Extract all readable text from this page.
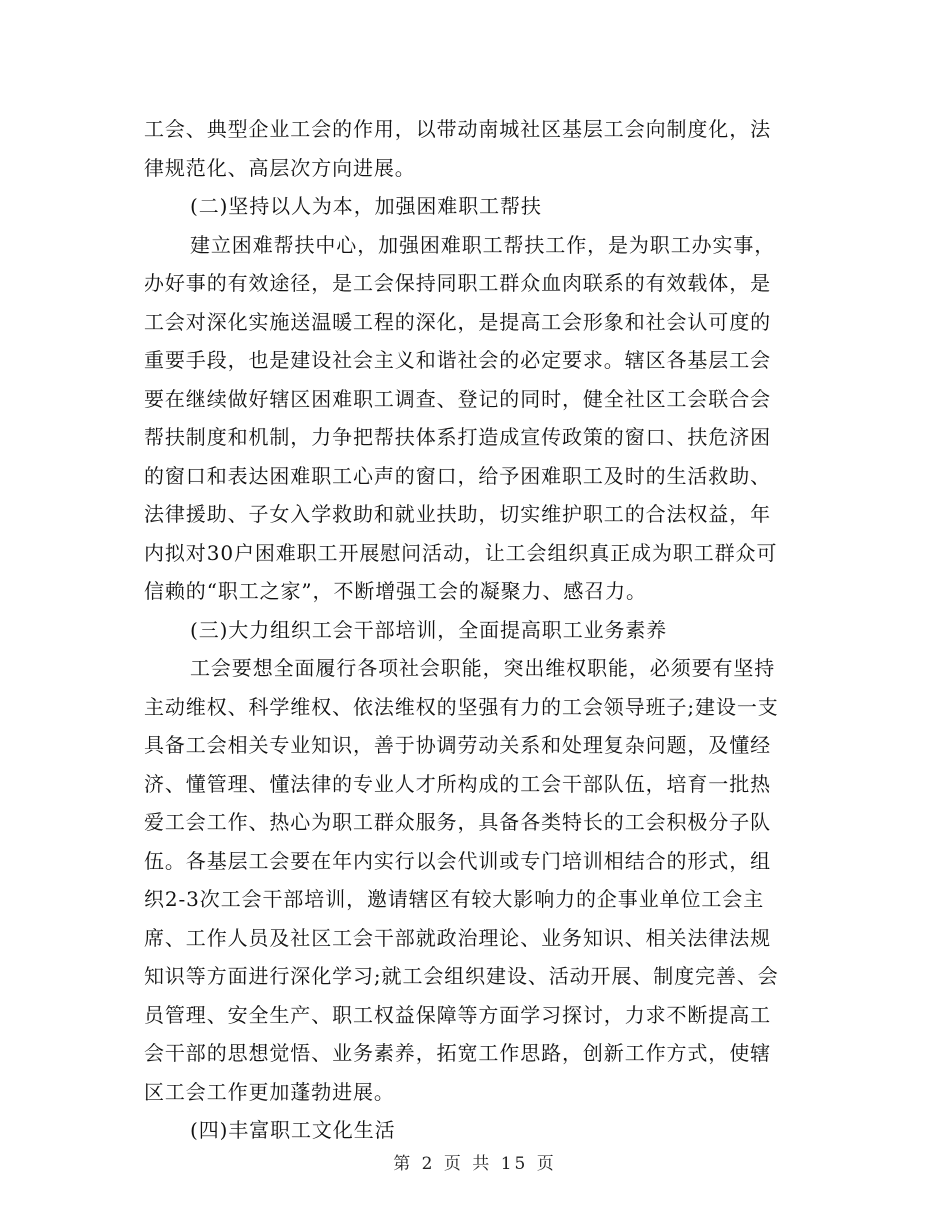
工会、典型企业工会的作用，以带动南城社区基层工会向制度化，法
律规范化、高层次方向进展。
(二)坚持以人为本，加强困难职工帮扶
建立困难帮扶中心，加强困难职工帮扶工作，是为职工办实事，
办好事的有效途径，是工会保持同职工群众血肉联系的有效载体，是
工会对深化实施送温暖工程的深化，是提高工会形象和社会认可度的
重要手段，也是建设社会主义和谐社会的必定要求。辖区各基层工会
要在继续做好辖区困难职工调查、登记的同时，健全社区工会联合会
帮扶制度和机制，力争把帮扶体系打造成宣传政策的窗口、扶危济困
的窗口和表达困难职工心声的窗口，给予困难职工及时的生活救助、
法律援助、子女入学救助和就业扶助，切实维护职工的合法权益，年
内拟对30户困难职工开展慰问活动，让工会组织真正成为职工群众可
信赖的“职工之家”，不断增强工会的凝聚力、感召力。
(三)大力组织工会干部培训，全面提高职工业务素养
工会要想全面履行各项社会职能，突出维权职能，必须要有坚持
主动维权、科学维权、依法维权的坚强有力的工会领导班子;建设一支
具备工会相关专业知识，善于协调劳动关系和处理复杂问题，及懂经
济、懂管理、懂法律的专业人才所构成的工会干部队伍，培育一批热
爱工会工作、热心为职工群众服务，具备各类特长的工会积极分子队
伍。各基层工会要在年内实行以会代训或专门培训相结合的形式，组
织2-3次工会干部培训，邀请辖区有较大影响力的企事业单位工会主
席、工作人员及社区工会干部就政治理论、业务知识、相关法律法规
知识等方面进行深化学习;就工会组织建设、活动开展、制度完善、会
员管理、安全生产、职工权益保障等方面学习探讨，力求不断提高工
会干部的思想觉悟、业务素养，拓宽工作思路，创新工作方式，使辖
区工会工作更加蓬勃进展。
(四)丰富职工文化生活
第 2 页 共 15 页
